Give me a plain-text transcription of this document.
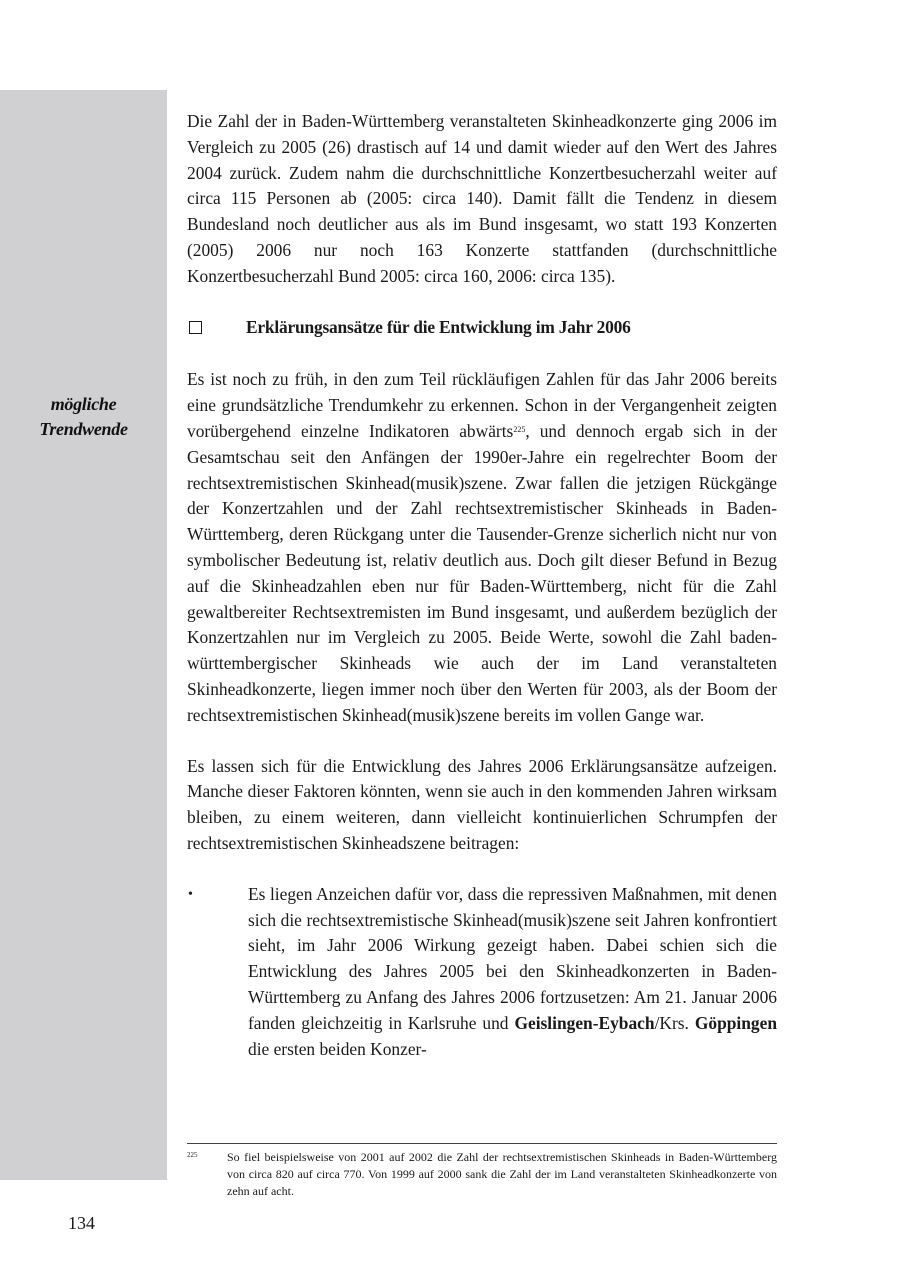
mögliche
Trendwende

Die Zahl der in Baden-Württemberg veranstalteten Skinheadkonzerte ging 2006 im Vergleich zu 2005 (26) drastisch auf 14 und damit wieder auf den Wert des Jahres 2004 zurück. Zudem nahm die durchschnittliche Konzertbesucherzahl weiter auf circa 115 Personen ab (2005: circa 140). Damit fällt die Tendenz in diesem Bundesland noch deutlicher aus als im Bund insgesamt, wo statt 193 Konzerten (2005) 2006 nur noch 163 Konzerte stattfanden (durchschnittliche Konzertbesucherzahl Bund 2005: circa 160, 2006: circa 135).

Erklärungsansätze für die Entwicklung im Jahr 2006

Es ist noch zu früh, in den zum Teil rückläufigen Zahlen für das Jahr 2006 bereits eine grundsätzliche Trendumkehr zu erkennen. Schon in der Vergangenheit zeigten vorübergehend einzelne Indikatoren abwärts$^{225}$, und dennoch ergab sich in der Gesamtschau seit den Anfängen der 1990er-Jahre ein regelrechter Boom der rechtsextremistischen Skinhead(musik)szene. Zwar fallen die jetzigen Rückgänge der Konzertzahlen und der Zahl rechtsextremistischer Skinheads in Baden-Württemberg, deren Rückgang unter die Tausender-Grenze sicherlich nicht nur von symbolischer Bedeutung ist, relativ deutlich aus. Doch gilt dieser Befund in Bezug auf die Skinheadzahlen eben nur für Baden-Württemberg, nicht für die Zahl gewaltbereiter Rechtsextremisten im Bund insgesamt, und außerdem bezüglich der Konzertzahlen nur im Vergleich zu 2005. Beide Werte, sowohl die Zahl baden-württembergischer Skinheads wie auch der im Land veranstalteten Skinheadkonzerte, liegen immer noch über den Werten für 2003, als der Boom der rechtsextremistischen Skinhead(musik)szene bereits im vollen Gange war.

Es lassen sich für die Entwicklung des Jahres 2006 Erklärungsansätze aufzeigen. Manche dieser Faktoren könnten, wenn sie auch in den kommenden Jahren wirksam bleiben, zu einem weiteren, dann vielleicht kontinuierlichen Schrumpfen der rechtsextremistischen Skinheadszene beitragen:

•	Es liegen Anzeichen dafür vor, dass die repressiven Maßnahmen, mit denen sich die rechtsextremistische Skinhead(musik)szene seit Jahren konfrontiert sieht, im Jahr 2006 Wirkung gezeigt haben. Dabei schien sich die Entwicklung des Jahres 2005 bei den Skinheadkonzerten in Baden-Württemberg zu Anfang des Jahres 2006 fortzusetzen: Am 21. Januar 2006 fanden gleichzeitig in Karlsruhe und Geislingen-Eybach/Krs. Göppingen die ersten beiden Konzer-
225	So fiel beispielsweise von 2001 auf 2002 die Zahl der rechtsextremistischen Skinheads in Baden-Württemberg von circa 820 auf circa 770. Von 1999 auf 2000 sank die Zahl der im Land veranstalteten Skinheadkonzerte von zehn auf acht.
134
